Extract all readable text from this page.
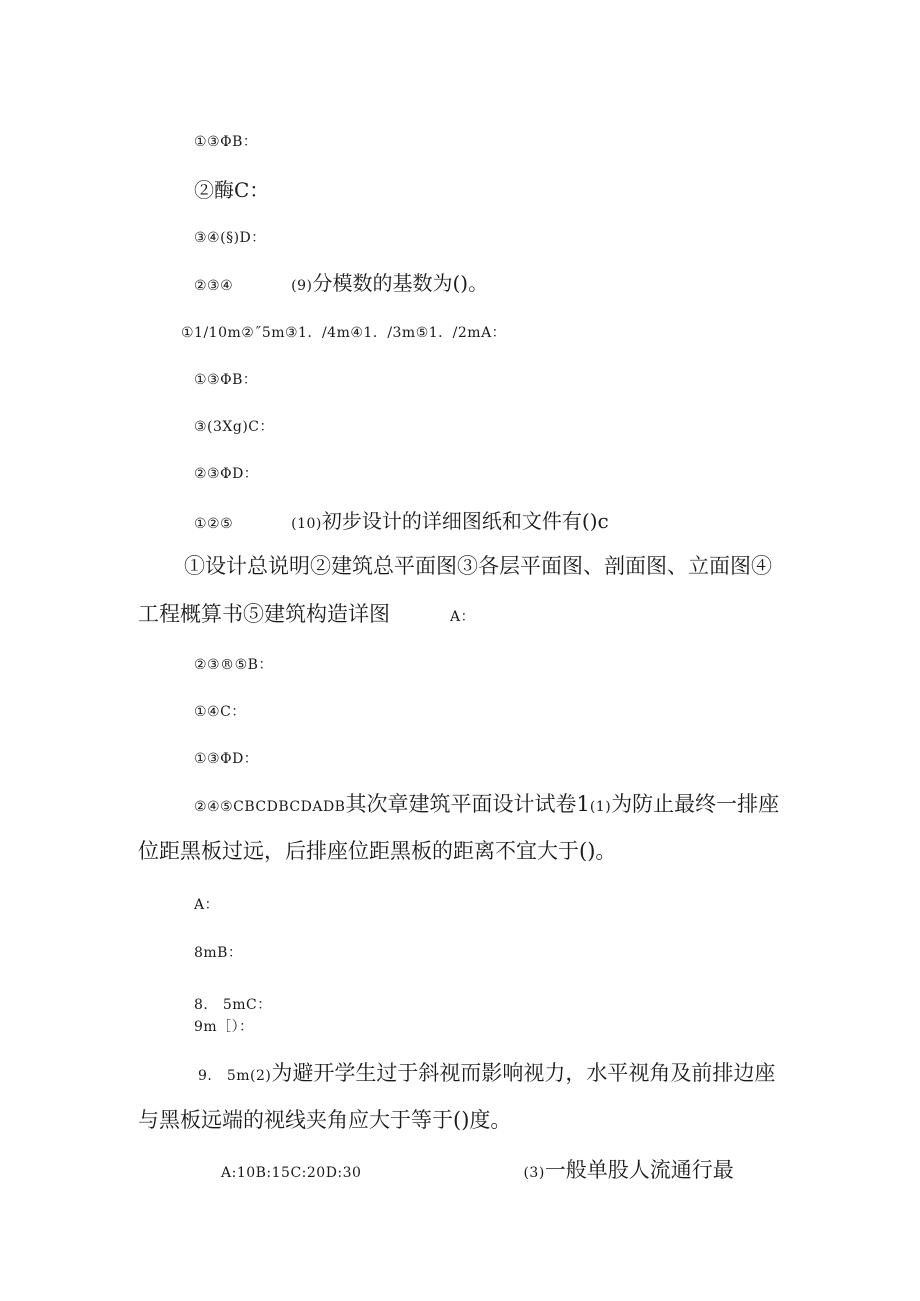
①③ΦB：
②酶C：
③④(§)D：
②③④	(9)分模数的基数为()。
①1/10m②˝5m③1．/4m④1．/3m⑤1．/2mA：
①③ΦB：
③(3Xg)C：
②③ΦD：
①②⑤	(10)初步设计的详细图纸和文件有()c
①设计总说明②建筑总平面图③各层平面图、剖面图、立面图④
工程概算书⑤建筑构造详图	A：
②③®⑤B：
①④C：
①③ΦD：
②④⑤CBCDBCDADB其次章建筑平面设计试卷1(1)为防止最终一排座
位距黑板过远，后排座位距黑板的距离不宜大于()。
A：
8mB：
8.　5mC：
9m［）：
9.　5m(2)为避开学生过于斜视而影响视力，水平视角及前排边座
与黑板远端的视线夹角应大于等于()度。
A:10B:15C:20D:30	(3)一般单股人流通行最
